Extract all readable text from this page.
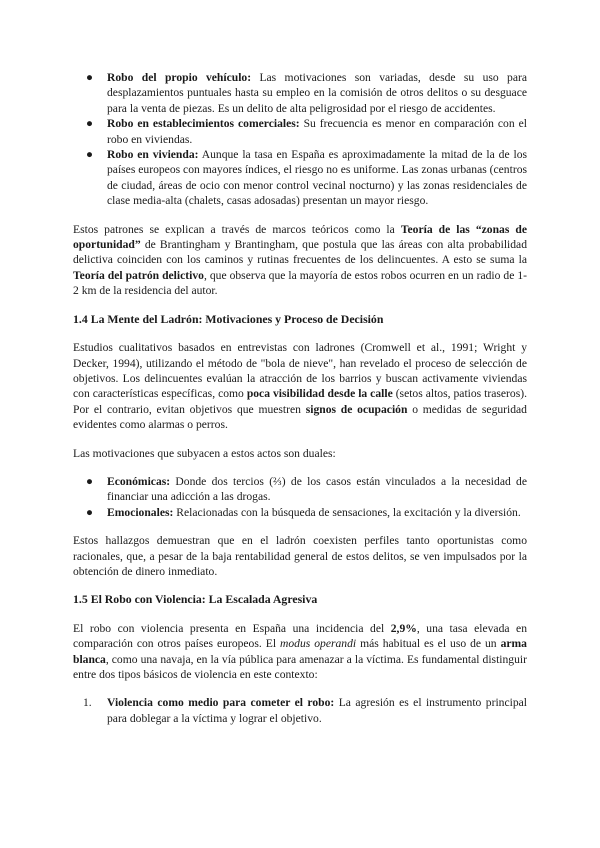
● Robo del propio vehículo: Las motivaciones son variadas, desde su uso para desplazamientos puntuales hasta su empleo en la comisión de otros delitos o su desguace para la venta de piezas. Es un delito de alta peligrosidad por el riesgo de accidentes.
● Robo en establecimientos comerciales: Su frecuencia es menor en comparación con el robo en viviendas.
● Robo en vivienda: Aunque la tasa en España es aproximadamente la mitad de la de los países europeos con mayores índices, el riesgo no es uniforme. Las zonas urbanas (centros de ciudad, áreas de ocio con menor control vecinal nocturno) y las zonas residenciales de clase media-alta (chalets, casas adosadas) presentan un mayor riesgo.

Estos patrones se explican a través de marcos teóricos como la Teoría de las “zonas de oportunidad” de Brantingham y Brantingham, que postula que las áreas con alta probabilidad delictiva coinciden con los caminos y rutinas frecuentes de los delincuentes. A esto se suma la Teoría del patrón delictivo, que observa que la mayoría de estos robos ocurren en un radio de 1-2 km de la residencia del autor.

1.4 La Mente del Ladrón: Motivaciones y Proceso de Decisión

Estudios cualitativos basados en entrevistas con ladrones (Cromwell et al., 1991; Wright y Decker, 1994), utilizando el método de "bola de nieve", han revelado el proceso de selección de objetivos. Los delincuentes evalúan la atracción de los barrios y buscan activamente viviendas con características específicas, como poca visibilidad desde la calle (setos altos, patios traseros). Por el contrario, evitan objetivos que muestren signos de ocupación o medidas de seguridad evidentes como alarmas o perros.

Las motivaciones que subyacen a estos actos son duales:

● Económicas: Donde dos tercios (⅔) de los casos están vinculados a la necesidad de financiar una adicción a las drogas.
● Emocionales: Relacionadas con la búsqueda de sensaciones, la excitación y la diversión.

Estos hallazgos demuestran que en el ladrón coexisten perfiles tanto oportunistas como racionales, que, a pesar de la baja rentabilidad general de estos delitos, se ven impulsados por la obtención de dinero inmediato.

1.5 El Robo con Violencia: La Escalada Agresiva

El robo con violencia presenta en España una incidencia del 2,9%, una tasa elevada en comparación con otros países europeos. El modus operandi más habitual es el uso de un arma blanca, como una navaja, en la vía pública para amenazar a la víctima. Es fundamental distinguir entre dos tipos básicos de violencia en este contexto:

1. Violencia como medio para cometer el robo: La agresión es el instrumento principal para doblegar a la víctima y lograr el objetivo.
